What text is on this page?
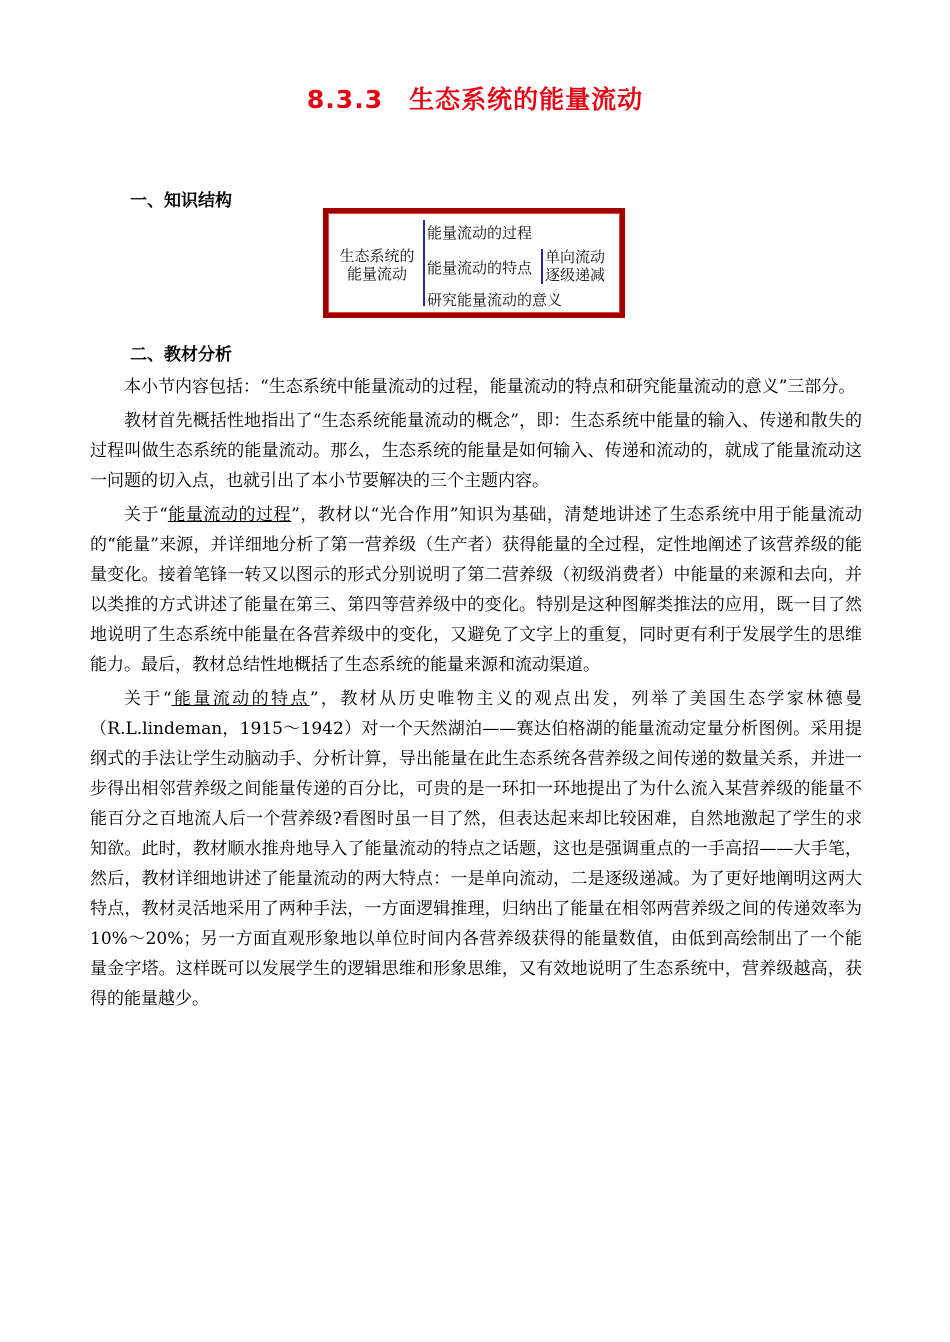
8.3.3　生态系统的能量流动
一、知识结构
生态系统的
能量流动
能量流动的过程
能量流动的特点
研究能量流动的意义
单向流动
逐级递减
二、教材分析

本小节内容包括：“生态系统中能量流动的过程，能量流动的特点和研究能量流动的意义”三部分。

教材首先概括性地指出了“生态系统能量流动的概念”，即：生态系统中能量的输入、传递和散失的过程叫做生态系统的能量流动。那么，生态系统的能量是如何输入、传递和流动的，就成了能量流动这一问题的切入点，也就引出了本小节要解决的三个主题内容。

关于“能量流动的过程”，教材以“光合作用”知识为基础，清楚地讲述了生态系统中用于能量流动的“能量”来源，并详细地分析了第一营养级（生产者）获得能量的全过程，定性地阐述了该营养级的能量变化。接着笔锋一转又以图示的形式分别说明了第二营养级（初级消费者）中能量的来源和去向，并以类推的方式讲述了能量在第三、第四等营养级中的变化。特别是这种图解类推法的应用，既一目了然地说明了生态系统中能量在各营养级中的变化，又避免了文字上的重复，同时更有利于发展学生的思维能力。最后，教材总结性地概括了生态系统的能量来源和流动渠道。

关于“能量流动的特点”，教材从历史唯物主义的观点出发，列举了美国生态学家林德曼（R.L.lindeman，1915～1942）对一个天然湖泊——赛达伯格湖的能量流动定量分析图例。采用提纲式的手法让学生动脑动手、分析计算，导出能量在此生态系统各营养级之间传递的数量关系，并进一步得出相邻营养级之间能量传递的百分比，可贵的是一环扣一环地提出了为什么流入某营养级的能量不能百分之百地流人后一个营养级?看图时虽一目了然，但表达起来却比较困难，自然地激起了学生的求知欲。此时，教材顺水推舟地导入了能量流动的特点之话题，这也是强调重点的一手高招——大手笔，然后，教材详细地讲述了能量流动的两大特点：一是单向流动，二是逐级递减。为了更好地阐明这两大特点，教材灵活地采用了两种手法，一方面逻辑推理，归纳出了能量在相邻两营养级之间的传递效率为10%～20%；另一方面直观形象地以单位时间内各营养级获得的能量数值，由低到高绘制出了一个能量金字塔。这样既可以发展学生的逻辑思维和形象思维，又有效地说明了生态系统中，营养级越高，获得的能量越少。
